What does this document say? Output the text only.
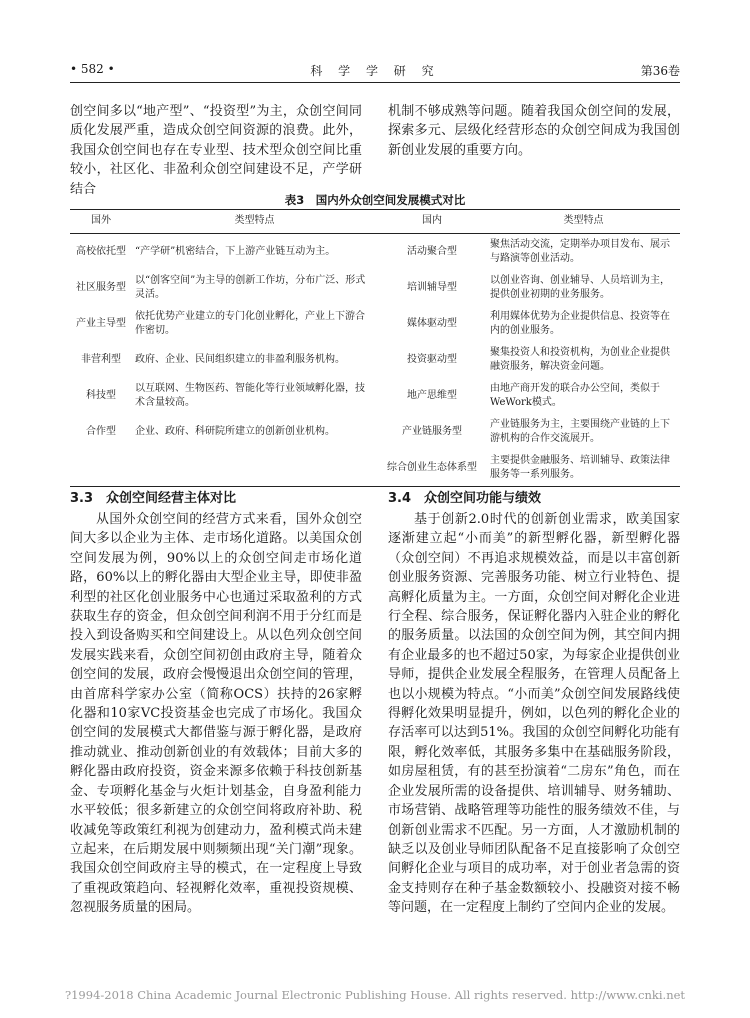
• 582 •	科 学 学 研 究	第36卷

创空间多以“地产型”、“投资型”为主，众创空间同质化发展严重，造成众创空间资源的浪费。此外，我国众创空间也存在专业型、技术型众创空间比重较小，社区化、非盈利众创空间建设不足，产学研结合

机制不够成熟等问题。随着我国众创空间的发展，探索多元、层级化经营形态的众创空间成为我国创新创业发展的重要方向。

表3　国内外众创空间发展模式对比
国外	类型特点	国内	类型特点
高校依托型	“产学研”机密结合，下上游产业链互动为主。	活动聚合型	聚焦活动交流，定期举办项目发布、展示与路演等创业活动。
社区服务型	以“创客空间”为主导的创新工作坊，分布广泛、形式灵活。	培训辅导型	以创业咨询、创业辅导、人员培训为主，提供创业初期的业务服务。
产业主导型	依托优势产业建立的专门化创业孵化，产业上下游合作密切。	媒体驱动型	利用媒体优势为企业提供信息、投资等在内的创业服务。
非营利型	政府、企业、民间组织建立的非盈利服务机构。	投资驱动型	聚集投资人和投资机构，为创业企业提供融资服务，解决资金问题。
科技型	以互联网、生物医药、智能化等行业领域孵化器，技术含量较高。	地产思维型	由地产商开发的联合办公空间，类似于WeWork模式。
合作型	企业、政府、科研院所建立的创新创业机构。	产业链服务型	产业链服务为主，主要围绕产业链的上下游机构的合作交流展开。
		综合创业生态体系型	主要提供金融服务、培训辅导、政策法律服务等一系列服务。
3.3　众创空间经营主体对比

从国外众创空间的经营方式来看，国外众创空间大多以企业为主体、走市场化道路。以美国众创空间发展为例，90%以上的众创空间走市场化道路，60%以上的孵化器由大型企业主导，即使非盈利型的社区化创业服务中心也通过采取盈利的方式获取生存的资金，但众创空间利润不用于分红而是投入到设备购买和空间建设上。从以色列众创空间发展实践来看，众创空间初创由政府主导，随着众创空间的发展，政府会慢慢退出众创空间的管理，由首席科学家办公室（简称OCS）扶持的26家孵化器和10家VC投资基金也完成了市场化。我国众创空间的发展模式大都借鉴与源于孵化器，是政府推动就业、推动创新创业的有效载体；目前大多的孵化器由政府投资，资金来源多依赖于科技创新基金、专项孵化基金与火炬计划基金，自身盈利能力水平较低；很多新建立的众创空间将政府补助、税收减免等政策红利视为创建动力，盈利模式尚未建立起来，在后期发展中则频频出现“关门潮”现象。我国众创空间政府主导的模式，在一定程度上导致了重视政策趋向、轻视孵化效率，重视投资规模、忽视服务质量的困局。

3.4　众创空间功能与绩效

基于创新2.0时代的创新创业需求，欧美国家逐渐建立起“小而美”的新型孵化器，新型孵化器（众创空间）不再追求规模效益，而是以丰富创新创业服务资源、完善服务功能、树立行业特色、提高孵化质量为主。一方面，众创空间对孵化企业进行全程、综合服务，保证孵化器内入驻企业的孵化的服务质量。以法国的众创空间为例，其空间内拥有企业最多的也不超过50家，为每家企业提供创业导师，提供企业发展全程服务，在管理人员配备上也以小规模为特点。“小而美”众创空间发展路线使得孵化效果明显提升，例如，以色列的孵化企业的存活率可以达到51%。我国的众创空间孵化功能有限，孵化效率低，其服务多集中在基础服务阶段，如房屋租赁，有的甚至扮演着“二房东”角色，而在企业发展所需的设备提供、培训辅导、财务辅助、市场营销、战略管理等功能性的服务绩效不佳，与创新创业需求不匹配。另一方面，人才激励机制的缺乏以及创业导师团队配备不足直接影响了众创空间孵化企业与项目的成功率，对于创业者急需的资金支持则存在种子基金数额较小、投融资对接不畅等问题，在一定程度上制约了空间内企业的发展。

?1994-2018 China Academic Journal Electronic Publishing House. All rights reserved. http://www.cnki.net
